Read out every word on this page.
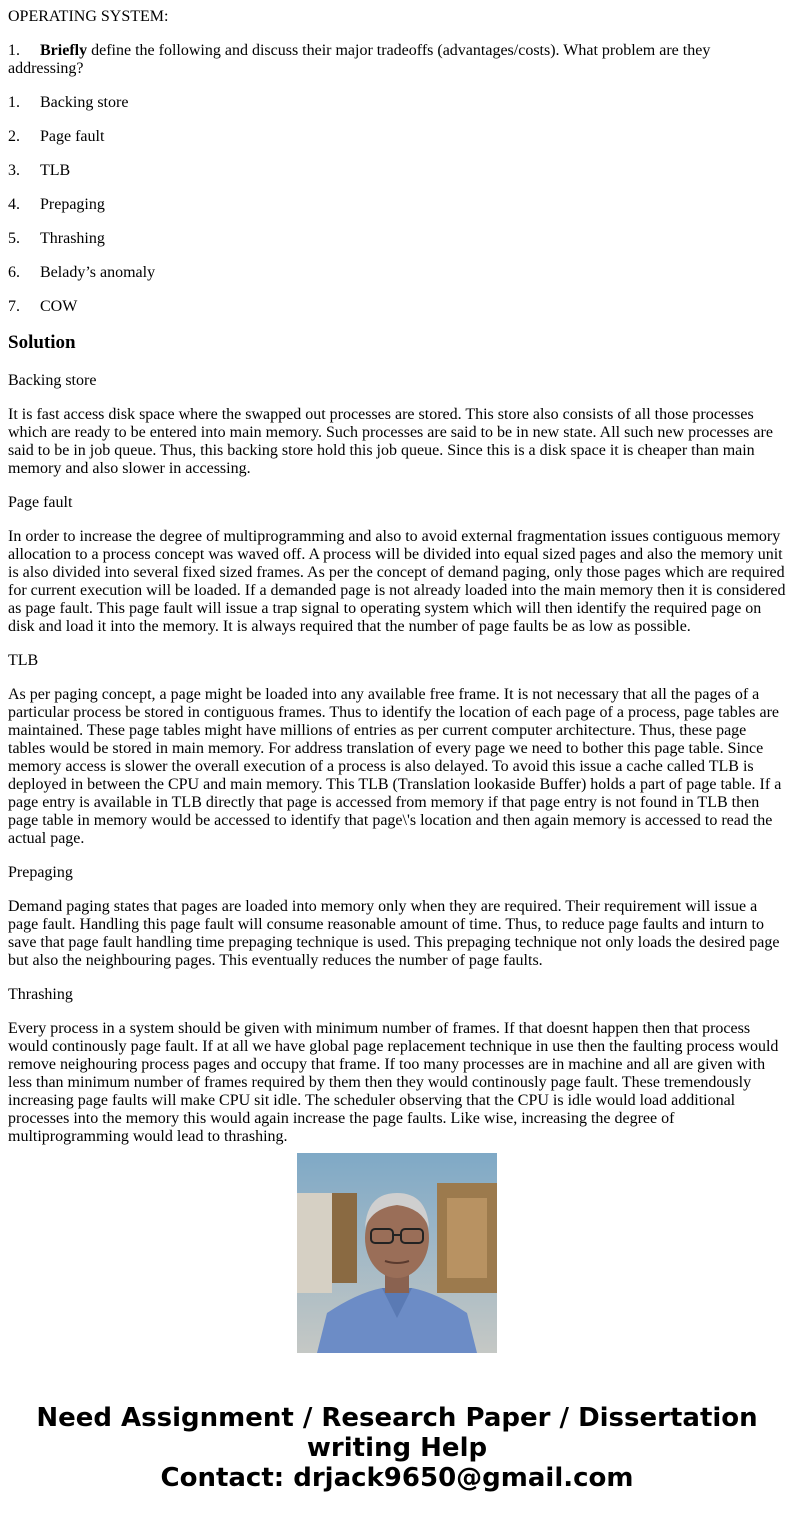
OPERATING SYSTEM:

1. Briefly define the following and discuss their major tradeoffs (advantages/costs). What problem are they addressing?

1. Backing store
2. Page fault
3. TLB
4. Prepaging
5. Thrashing
6. Belady’s anomaly
7. COW
Solution

Backing store

It is fast access disk space where the swapped out processes are stored. This store also consists of all those processes which are ready to be entered into main memory. Such processes are said to be in new state. All such new processes are said to be in job queue. Thus, this backing store hold this job queue. Since this is a disk space it is cheaper than main memory and also slower in accessing.

Page fault

In order to increase the degree of multiprogramming and also to avoid external fragmentation issues contiguous memory allocation to a process concept was waved off. A process will be divided into equal sized pages and also the memory unit is also divided into several fixed sized frames. As per the concept of demand paging, only those pages which are required for current execution will be loaded. If a demanded page is not already loaded into the main memory then it is considered as page fault. This page fault will issue a trap signal to operating system which will then identify the required page on disk and load it into the memory. It is always required that the number of page faults be as low as possible.

TLB

As per paging concept, a page might be loaded into any available free frame. It is not necessary that all the pages of a particular process be stored in contiguous frames. Thus to identify the location of each page of a process, page tables are maintained. These page tables might have millions of entries as per current computer architecture. Thus, these page tables would be stored in main memory. For address translation of every page we need to bother this page table. Since memory access is slower the overall execution of a process is also delayed. To avoid this issue a cache called TLB is deployed in between the CPU and main memory. This TLB (Translation lookaside Buffer) holds a part of page table. If a page entry is available in TLB directly that page is accessed from memory if that page entry is not found in TLB then page table in memory would be accessed to identify that page\'s location and then again memory is accessed to read the actual page.

Prepaging

Demand paging states that pages are loaded into memory only when they are required. Their requirement will issue a page fault. Handling this page fault will consume reasonable amount of time. Thus, to reduce page faults and inturn to save that page fault handling time prepaging technique is used. This prepaging technique not only loads the desired page but also the neighbouring pages. This eventually reduces the number of page faults.

Thrashing

Every process in a system should be given with minimum number of frames. If that doesnt happen then that process would continously page fault. If at all we have global page replacement technique in use then the faulting process would remove neighouring process pages and occupy that frame. If too many processes are in machine and all are given with less than minimum number of frames required by them then they would continously page fault. These tremendously increasing page faults will make CPU sit idle. The scheduler observing that the CPU is idle would load additional processes into the memory this would again increase the page faults. Like wise, increasing the degree of multiprogramming would lead to thrashing.

Need Assignment / Research Paper / Dissertation
writing Help
Contact: drjack9650@gmail.com
